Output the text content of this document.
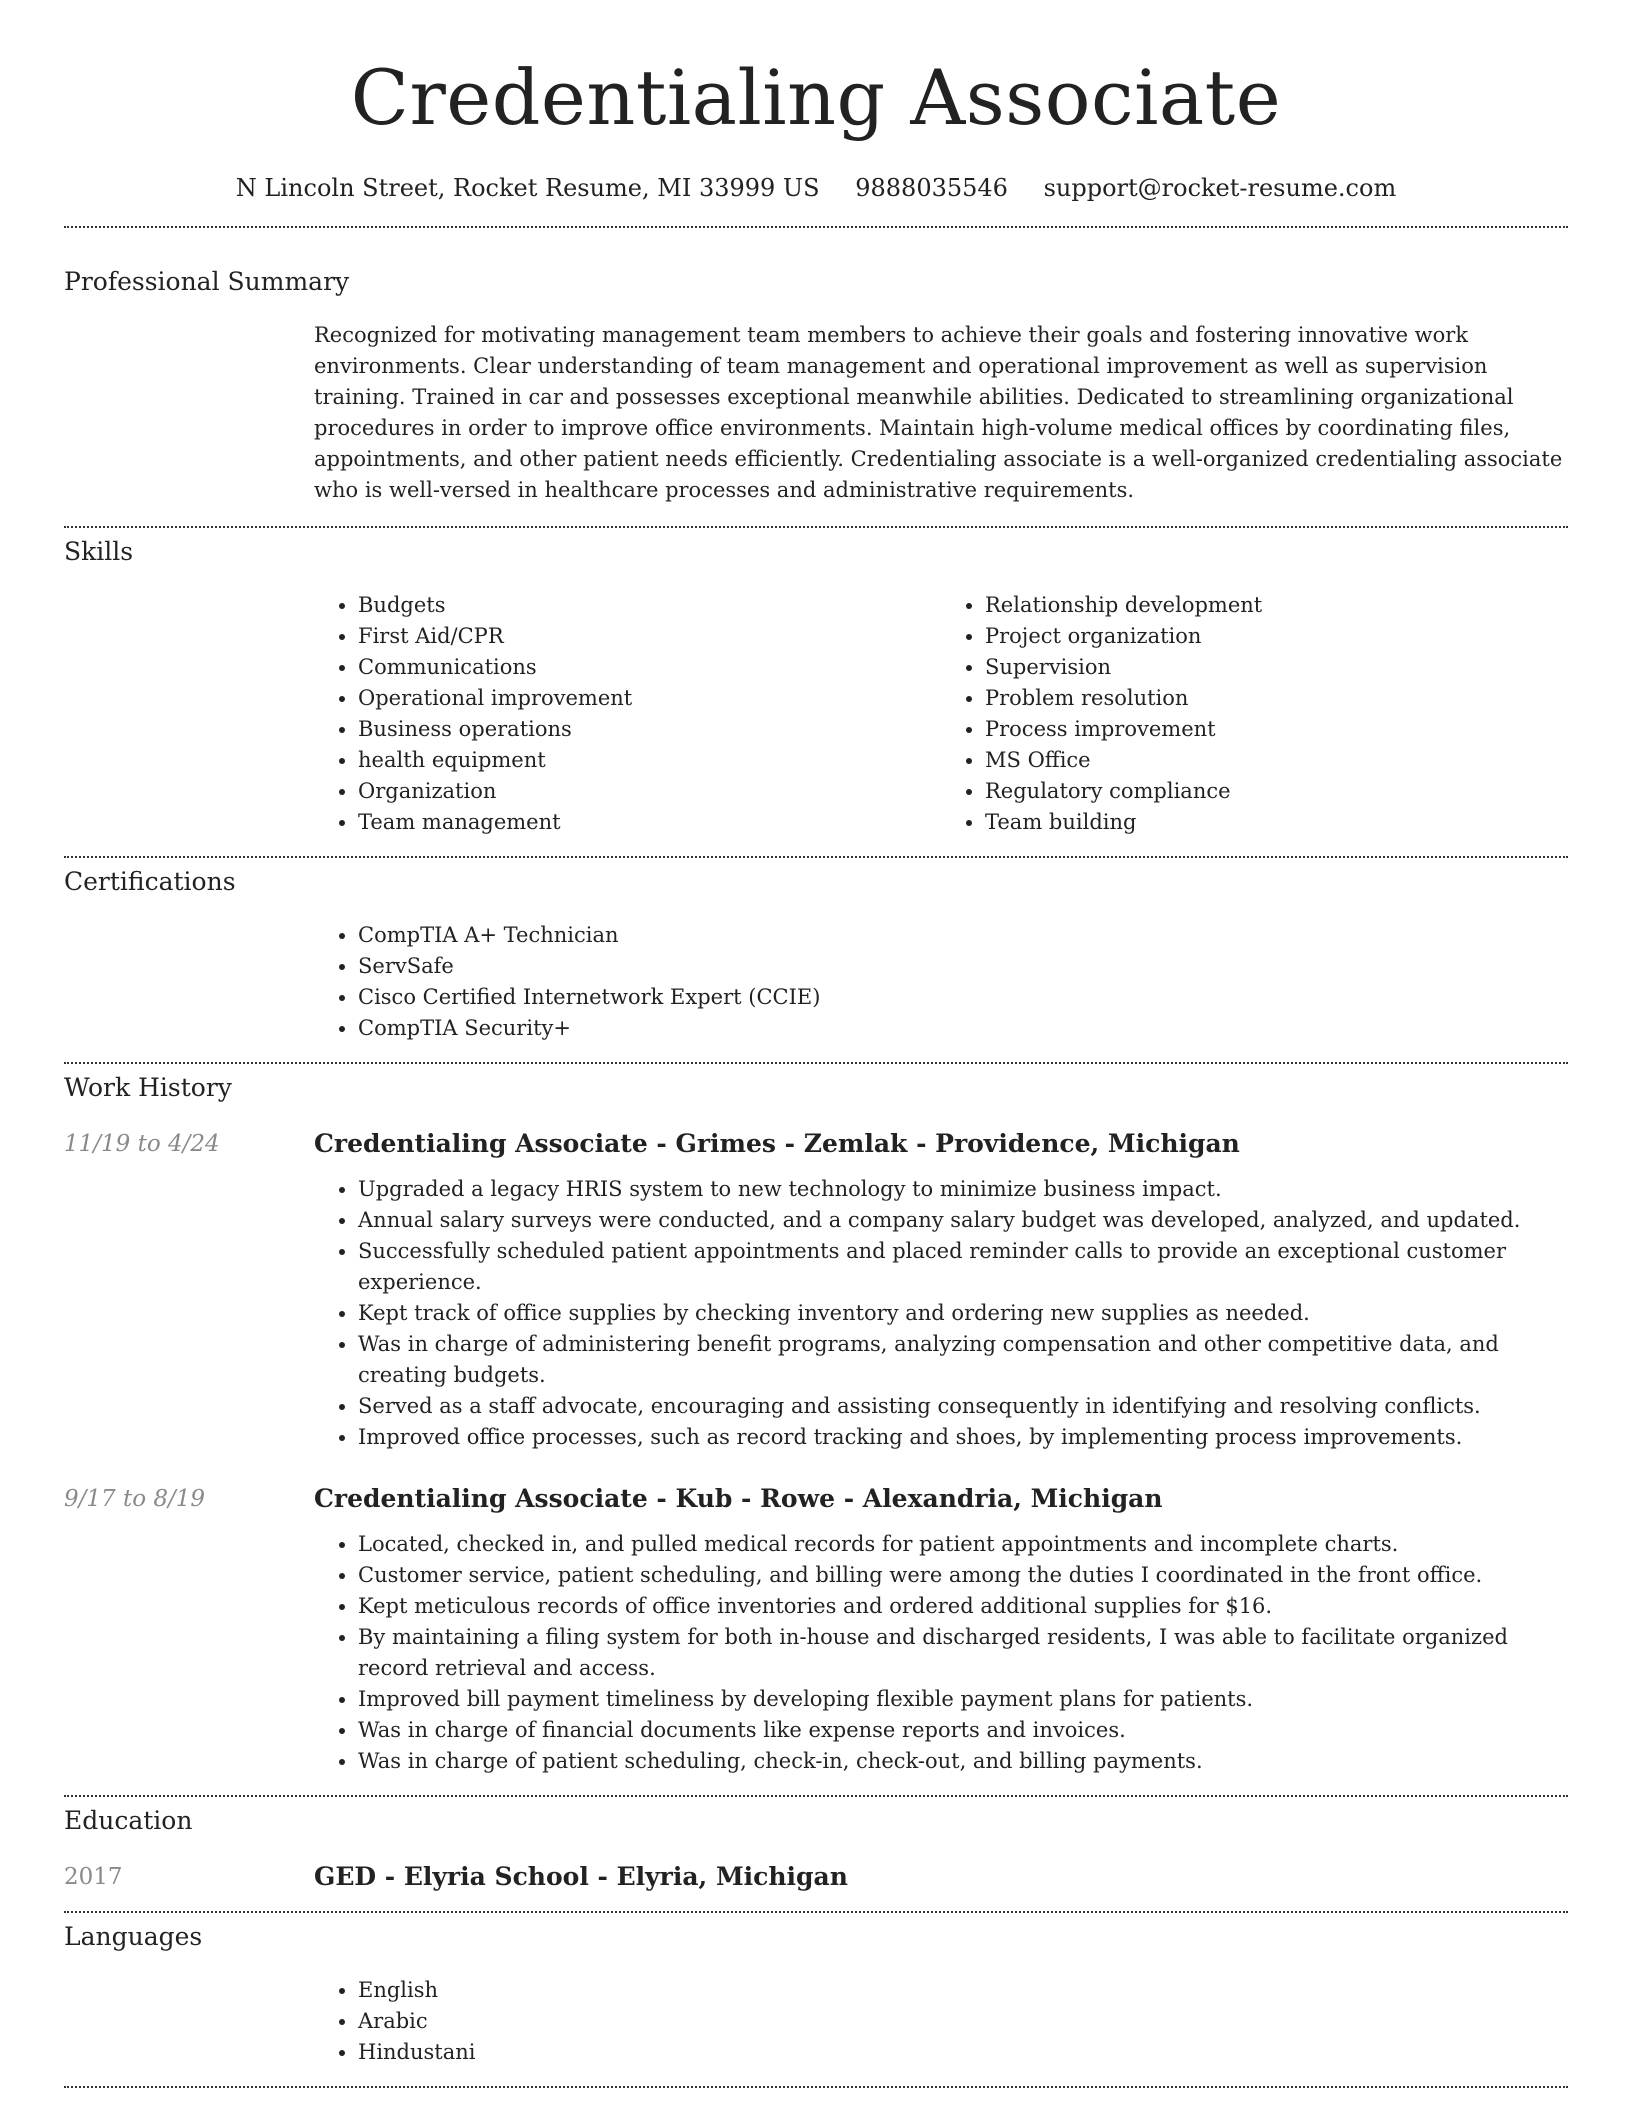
Credentialing Associate
N Lincoln Street, Rocket Resume, MI 33999 US 9888035546 support@rocket-resume.com
Professional Summary

Recognized for motivating management team members to achieve their goals and fostering innovative work environments. Clear understanding of team management and operational improvement as well as supervision training. Trained in car and possesses exceptional meanwhile abilities. Dedicated to streamlining organizational procedures in order to improve office environments. Maintain high-volume medical offices by coordinating files, appointments, and other patient needs efficiently. Credentialing associate is a well-organized credentialing associate who is well-versed in healthcare processes and administrative requirements.

Skills
• Budgets
• First Aid/CPR
• Communications
• Operational improvement
• Business operations
• health equipment
• Organization
• Team management
• Relationship development
• Project organization
• Supervision
• Problem resolution
• Process improvement
• MS Office
• Regulatory compliance
• Team building
Certifications
• CompTIA A+ Technician
• ServSafe
• Cisco Certified Internetwork Expert (CCIE)
• CompTIA Security+
Work History
11/19 to 4/24	Credentialing Associate - Grimes - Zemlak - Providence, Michigan
• Upgraded a legacy HRIS system to new technology to minimize business impact.
• Annual salary surveys were conducted, and a company salary budget was developed, analyzed, and updated.
• Successfully scheduled patient appointments and placed reminder calls to provide an exceptional customer experience.
• Kept track of office supplies by checking inventory and ordering new supplies as needed.
• Was in charge of administering benefit programs, analyzing compensation and other competitive data, and creating budgets.
• Served as a staff advocate, encouraging and assisting consequently in identifying and resolving conflicts.
• Improved office processes, such as record tracking and shoes, by implementing process improvements.
9/17 to 8/19	Credentialing Associate - Kub - Rowe - Alexandria, Michigan
• Located, checked in, and pulled medical records for patient appointments and incomplete charts.
• Customer service, patient scheduling, and billing were among the duties I coordinated in the front office.
• Kept meticulous records of office inventories and ordered additional supplies for $16.
• By maintaining a filing system for both in-house and discharged residents, I was able to facilitate organized record retrieval and access.
• Improved bill payment timeliness by developing flexible payment plans for patients.
• Was in charge of financial documents like expense reports and invoices.
• Was in charge of patient scheduling, check-in, check-out, and billing payments.
Education
2017	GED - Elyria School - Elyria, Michigan
Languages
• English
• Arabic
• Hindustani
